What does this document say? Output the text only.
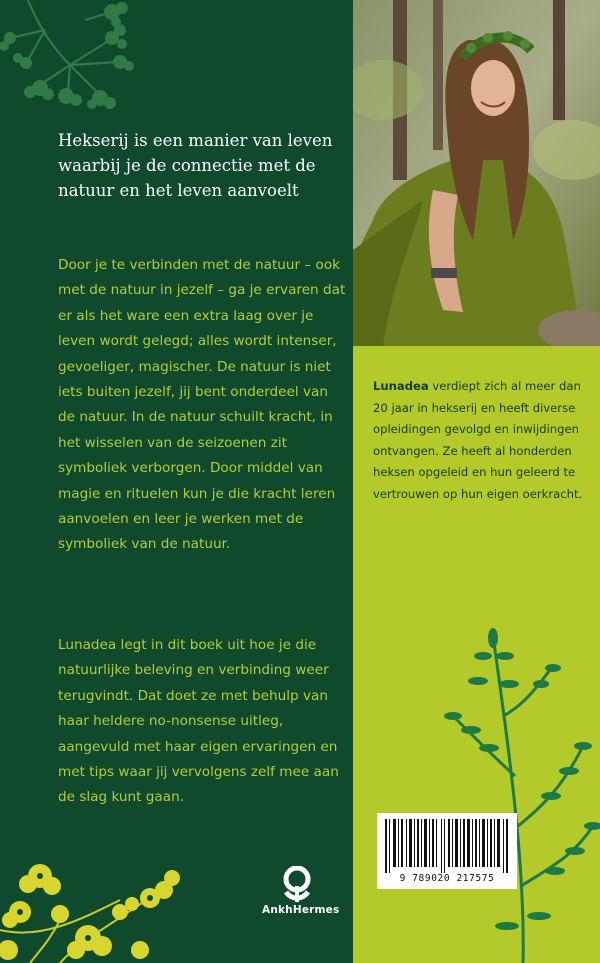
Hekserij is een manier van leven waarbij je de connectie met de natuur en het leven aanvoelt

Door je te verbinden met de natuur – ook met de natuur in jezelf – ga je ervaren dat er als het ware een extra laag over je leven wordt gelegd; alles wordt intenser, gevoeliger, magischer. De natuur is niet iets buiten jezelf, jij bent onderdeel van de natuur. In de natuur schuilt kracht, in het wisselen van de seizoenen zit symboliek verborgen. Door middel van magie en rituelen kun je die kracht leren aanvoelen en leer je werken met de symboliek van de natuur.

Lunadea legt in dit boek uit hoe je die natuurlijke beleving en verbinding weer terugvindt. Dat doet ze met behulp van haar heldere no-nonsense uitleg, aangevuld met haar eigen ervaringen en met tips waar jij vervolgens zelf mee aan de slag kunt gaan.

AnkhHermes

Lunadea verdiept zich al meer dan 20 jaar in hekserij en heeft diverse opleidingen gevolgd en inwijdingen ontvangen. Ze heeft al honderden heksen opgeleid en hun geleerd te vertrouwen op hun eigen oerkracht.

9 789020 217575
